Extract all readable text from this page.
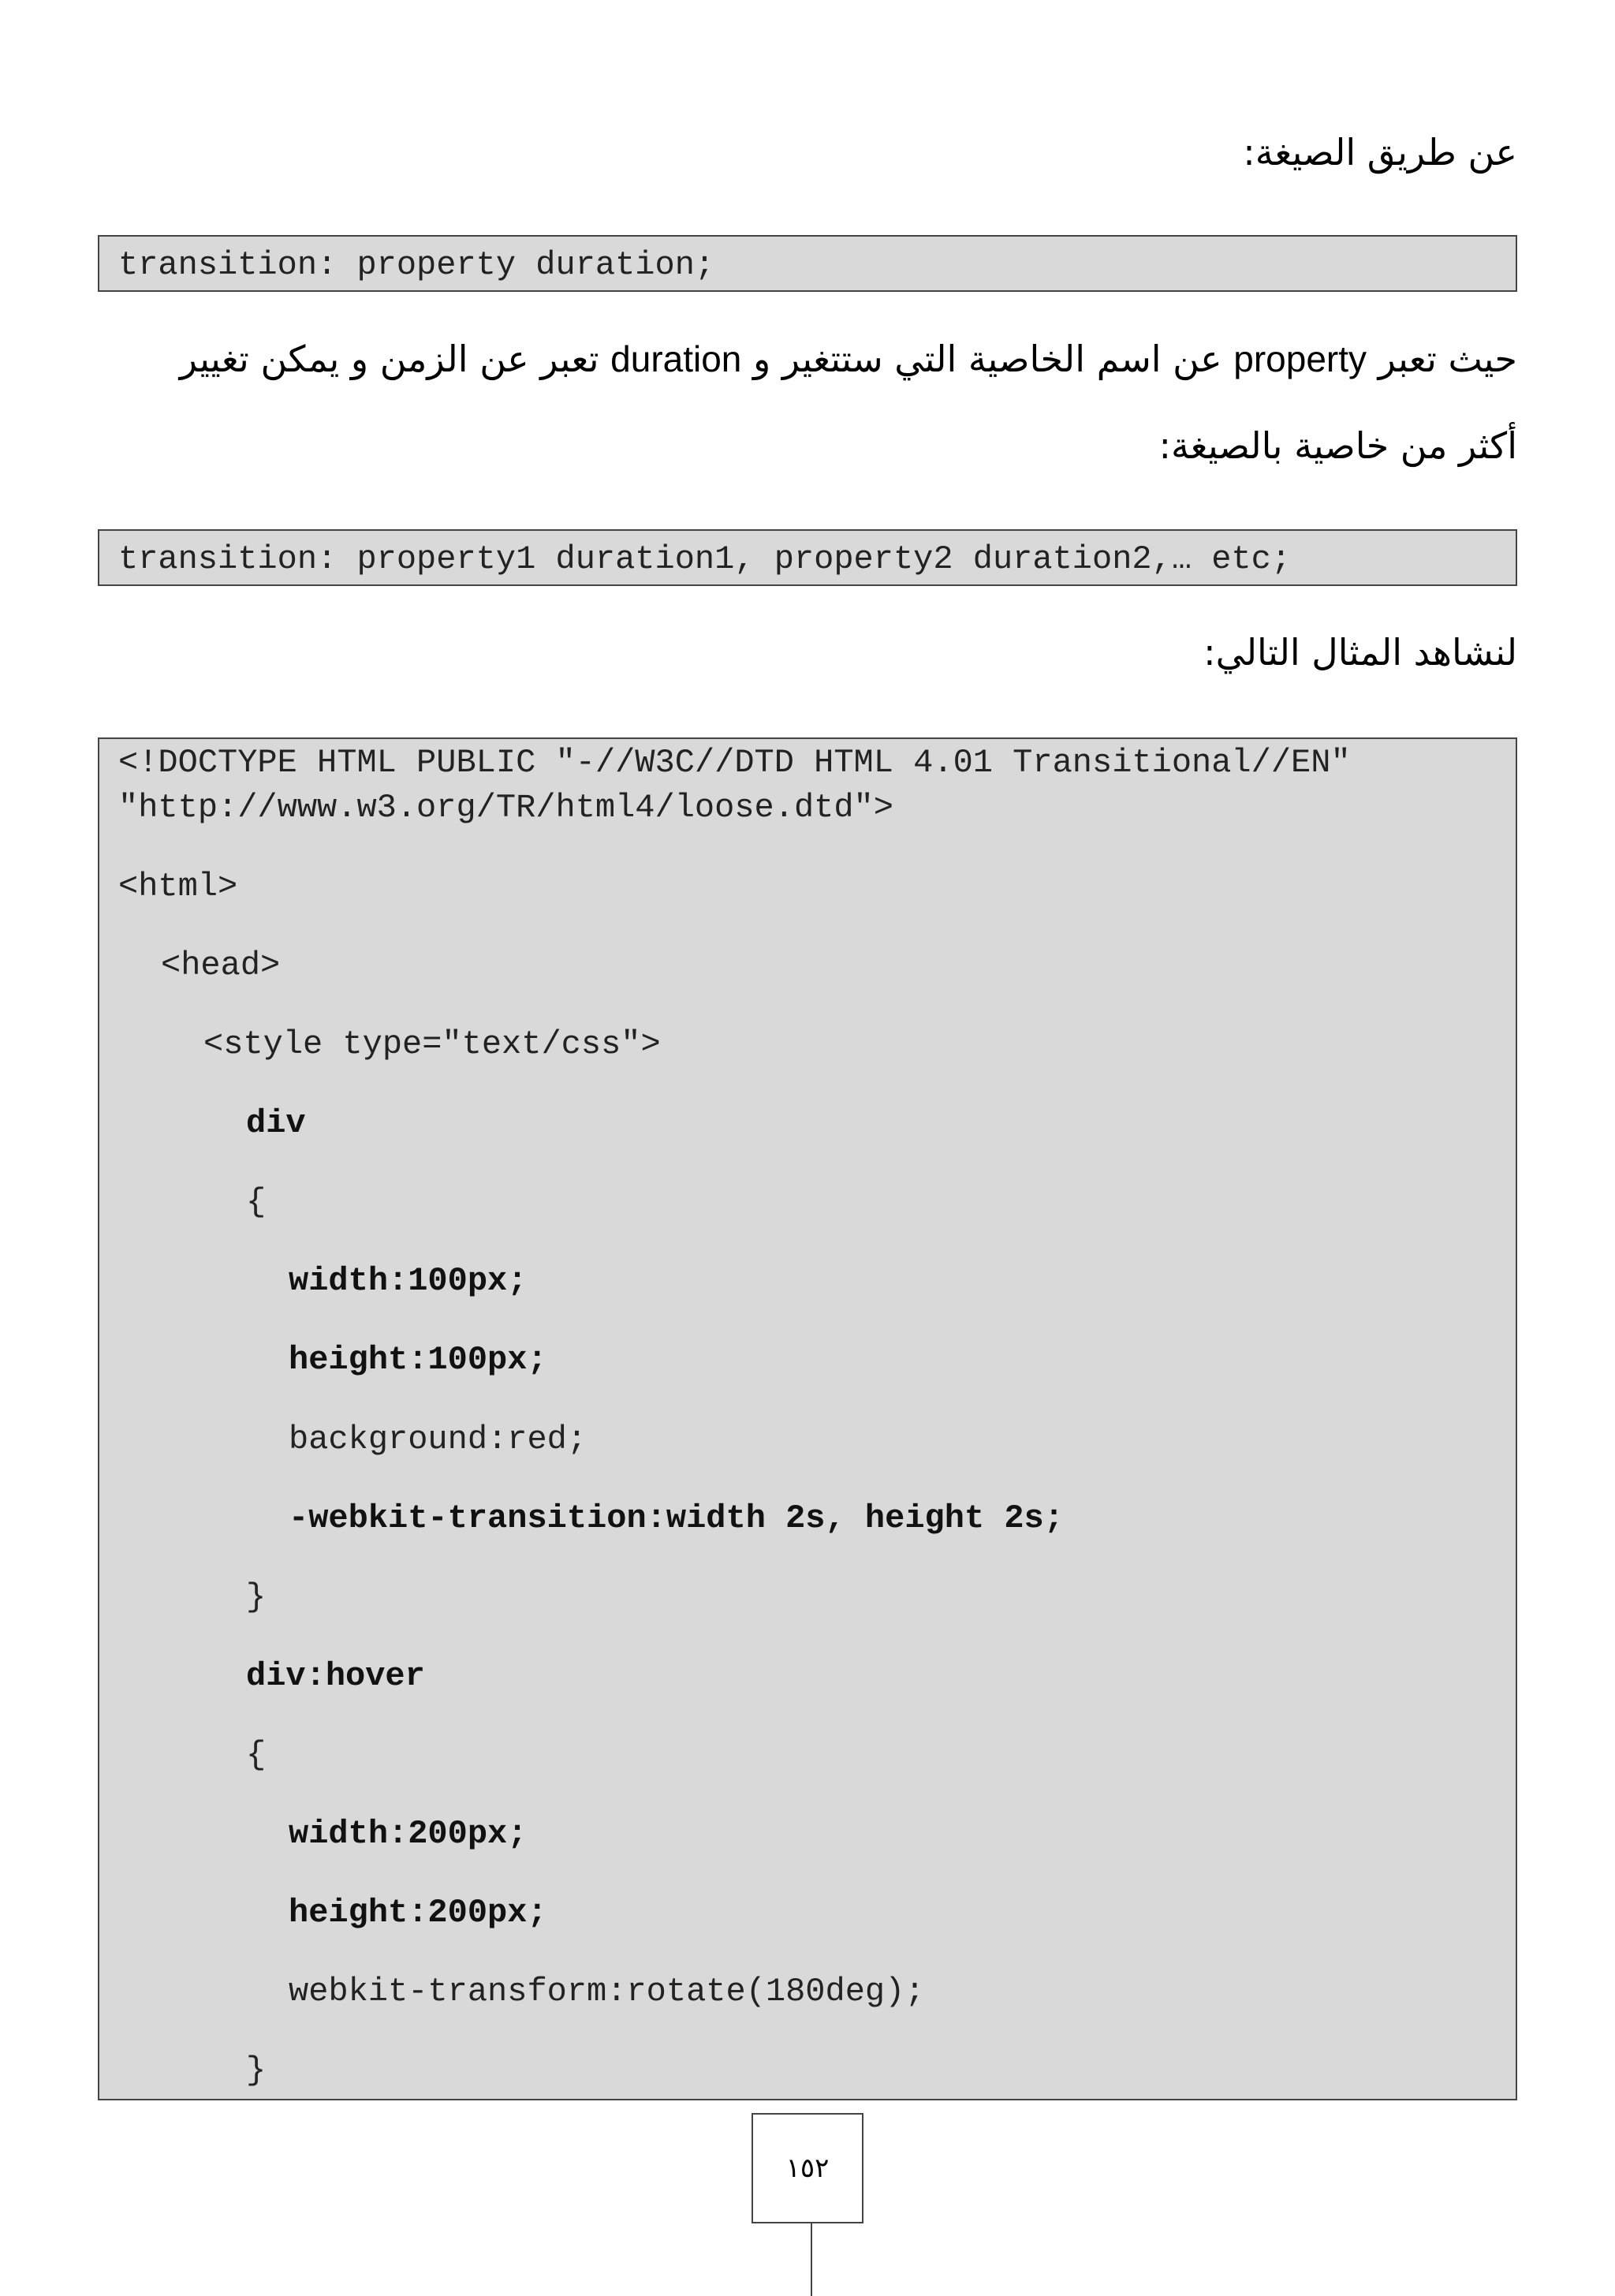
عن طريق الصيغة:
transition: property duration;
حيث تعبر property عن اسم الخاصية التي ستتغير و duration تعبر عن الزمن و يمكن تغيير
أكثر من خاصية بالصيغة:
transition: property1 duration1, property2 duration2,… etc;
لنشاهد المثال التالي:
<!DOCTYPE HTML PUBLIC "-//W3C//DTD HTML 4.01 Transitional//EN"
"http://www.w3.org/TR/html4/loose.dtd">
<html>
<head>
<style type="text/css">
div
{
width:100px;
height:100px;
background:red;
-webkit-transition:width 2s, height 2s;
}
div:hover
{
width:200px;
height:200px;
webkit-transform:rotate(180deg);
}
١٥٢
